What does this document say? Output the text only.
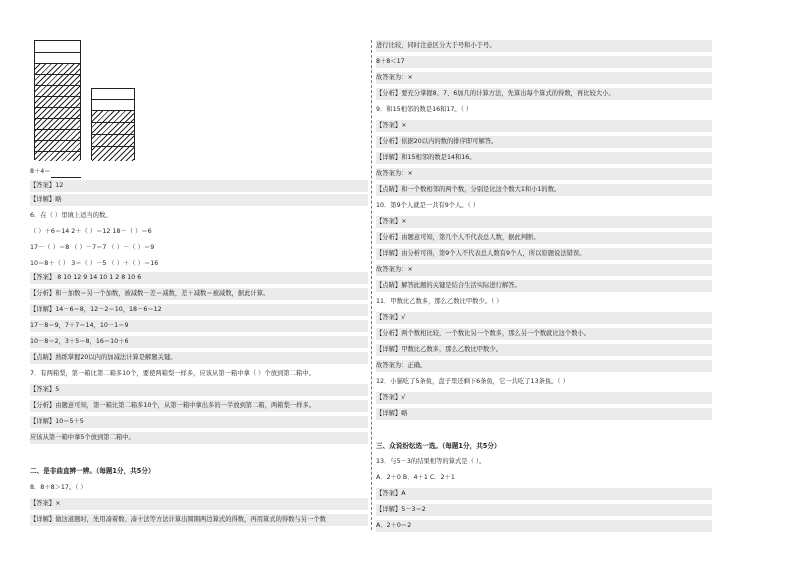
8＋4＝
【答案】12
【详解】略
6．在（ ）里填上适当的数。
（ ）＋6＝14 2＋（ ）＝12 18－（ ）＝6
17－（ ）＝8 （ ）－7＝7 （ ）－（ ）＝9
10＝8＋（ ） 3＝（ ）－5 （ ）＋（ ）＝16
【答案】 8 10 12 9 14 10 1 2 8 10 6
【分析】和－加数＝另一个加数，被减数－差＝减数，差＋减数＝被减数，据此计算。
【详解】14－6＝8，12－2＝10，18－6＝12
17－8＝9，7＋7＝14，10－1＝9
10－8＝2，3＋5＝8，16＝10＋6
【点睛】熟练掌握20以内的加减法计算是解题关键。
7．有两箱梨，第一箱比第二箱多10个，要使两箱梨一样多，应该从第一箱中拿（ ）个放到第二箱中。
【答案】5
【分析】由题意可知，第一箱比第二箱多10个，从第一箱中拿出多的一半放到第二箱，两箱梨一样多。
【详解】10＝5＋5
应该从第一箱中拿5个放到第二箱中。
二、是非曲直辨一辨。（每题1分，共5分）
8．8＋8＞17。（ ）
【答案】×
【详解】做这道题时，先用凑着数、凑十法等方法计算出圆圈两边算式的得数，再用算式的得数与另一个数
进行比较，同时注意区分大于号和小于号。
8＋8＜17
故答案为：×
【分析】要充分掌握8、7、6加几的计算方法，先算出每个算式的得数，再比较大小。
9．和15相邻的数是16和17。（ ）
【答案】×
【分析】依据20以内的数的排序即可解答。
【详解】和15相邻的数是14和16。
故答案为：×
【点睛】和一个数相邻的两个数，分别是比这个数大1和小1的数。
10．第9个人就是一共有9个人。（ ）
【答案】×
【分析】由题意可知，第几个人不代表总人数，据此判断。
【详解】由分析可得，第9个人不代表总人数有9个人，所以原题说法错误。
故答案为：×
【点睛】解答此题的关键是结合生活实际进行解答。
11．甲数比乙数多，那么乙数比甲数少。（ ）
【答案】√
【分析】两个数相比较，一个数比另一个数多，那么另一个数就比这个数小。
【详解】甲数比乙数多，那么乙数比甲数少。
故答案为：正确。
12．小猫吃了5条鱼，盘子里还剩下6条鱼，它一共吃了13条鱼。（ ）
【答案】√
【详解】略
三、众说纷纭选一选。（每题1分，共5分）
13．与5－3的结果相等的算式是（ ）。
A．2＋0 B．4＋1 C．2＋1
【答案】A
【详解】5－3＝2
A．2＋0＝2
